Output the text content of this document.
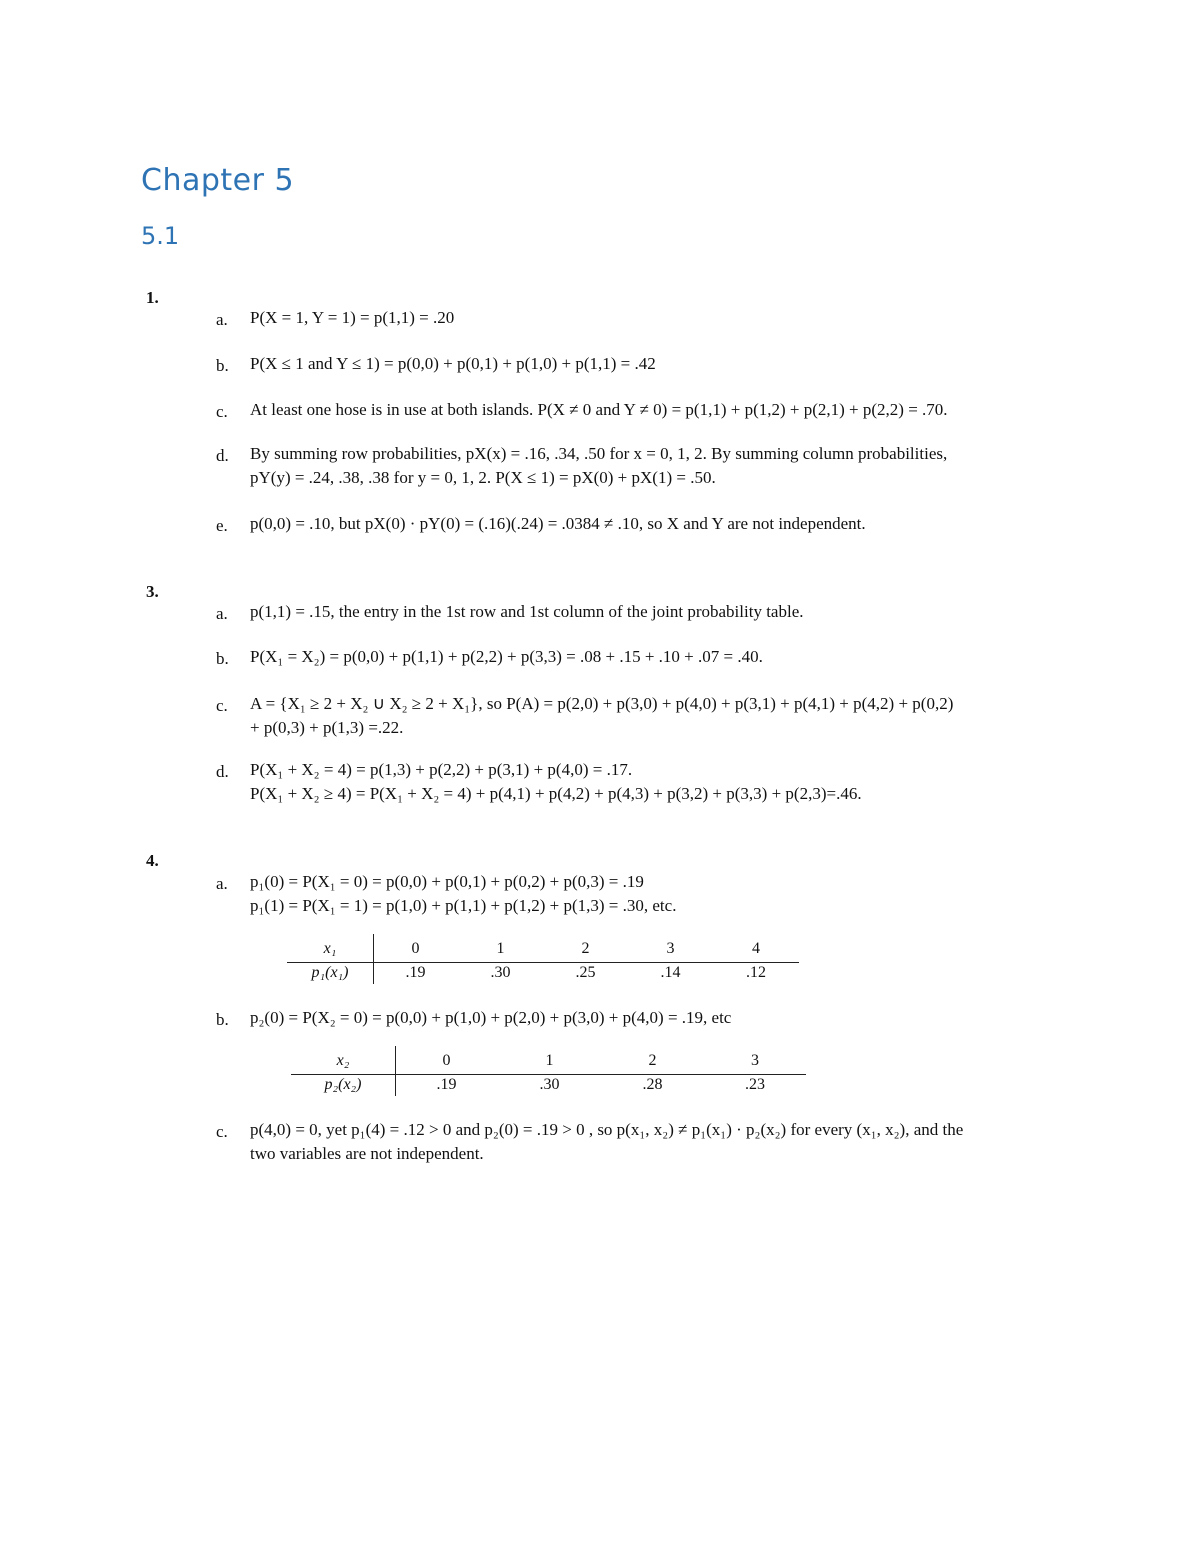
Chapter 5
5.1
1.
a. P(X = 1, Y = 1) = p(1,1) = .20
b. P(X ≤ 1 and Y ≤ 1) = p(0,0) + p(0,1) + p(1,0) + p(1,1) = .42
c. At least one hose is in use at both islands. P(X ≠ 0 and Y ≠ 0) = p(1,1) + p(1,2) + p(2,1) + p(2,2) = .70.
d. By summing row probabilities, pX(x) = .16, .34, .50 for x = 0, 1, 2. By summing column probabilities,
pY(y) = .24, .38, .38 for y = 0, 1, 2. P(X ≤ 1) = pX(0) + pX(1) = .50.
e. p(0,0) = .10, but pX(0) · pY(0) = (.16)(.24) = .0384 ≠ .10, so X and Y are not independent.
3.
a. p(1,1) = .15, the entry in the 1st row and 1st column of the joint probability table.
b. P(X₁ = X₂) = p(0,0) + p(1,1) + p(2,2) + p(3,3) = .08 + .15 + .10 + .07 = .40.
c. A = {X₁ ≥ 2 + X₂ ∪ X₂ ≥ 2 + X₁}, so P(A) = p(2,0) + p(3,0) + p(4,0) + p(3,1) + p(4,1) + p(4,2) + p(0,2)
+ p(0,3) + p(1,3) =.22.
d. P(X₁ + X₂ = 4) = p(1,3) + p(2,2) + p(3,1) + p(4,0) = .17.
P(X₁ + X₂ ≥ 4) = P(X₁ + X₂ = 4) + p(4,1) + p(4,2) + p(4,3) + p(3,2) + p(3,3) + p(2,3)=.46.
4.
a. p₁(0) = P(X₁ = 0) = p(0,0) + p(0,1) + p(0,2) + p(0,3) = .19
p₁(1) = P(X₁ = 1) = p(1,0) + p(1,1) + p(1,2) + p(1,3) = .30, etc.
x₁	0	1	2	3	4
p₁(x₁)	.19	.30	.25	.14	.12
b. p₂(0) = P(X₂ = 0) = p(0,0) + p(1,0) + p(2,0) + p(3,0) + p(4,0) = .19, etc
x₂	0	1	2	3
p₂(x₂)	.19	.30	.28	.23
c. p(4,0) = 0, yet p₁(4) = .12 > 0 and p₂(0) = .19 > 0 , so p(x₁, x₂) ≠ p₁(x₁) · p₂(x₂) for every (x₁, x₂), and the
two variables are not independent.
